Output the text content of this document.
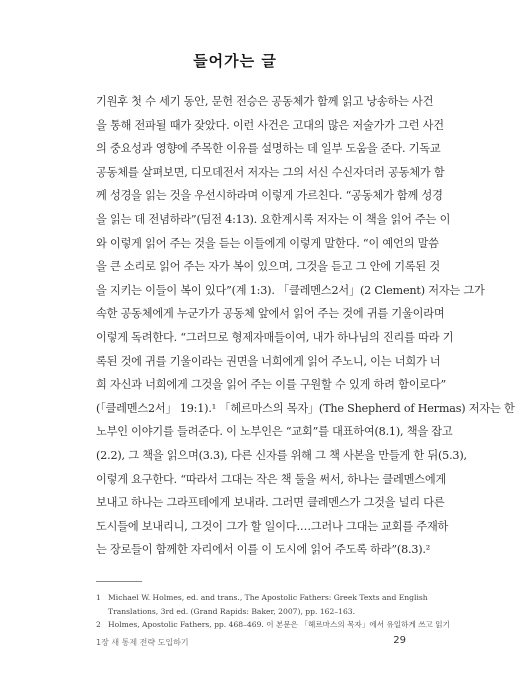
들어가는 글
기원후 첫 수 세기 동안, 문헌 전승은 공동체가 함께 읽고 낭송하는 사건
을 통해 전파될 때가 잦았다. 이런 사건은 고대의 많은 저술가가 그런 사건
의 중요성과 영향에 주목한 이유를 설명하는 데 일부 도움을 준다. 기독교
공동체를 살펴보면, 디모데전서 저자는 그의 서신 수신자더러 공동체가 함
께 성경을 읽는 것을 우선시하라며 이렇게 가르친다. “공동체가 함께 성경
을 읽는 데 전념하라”(딤전 4:13). 요한계시록 저자는 이 책을 읽어 주는 이
와 이렇게 읽어 주는 것을 듣는 이들에게 이렇게 말한다. “이 예언의 말씀
을 큰 소리로 읽어 주는 자가 복이 있으며, 그것을 듣고 그 안에 기록된 것
을 지키는 이들이 복이 있다”(계 1:3). 「클레멘스2서」(2 Clement) 저자는 그가
속한 공동체에게 누군가가 공동체 앞에서 읽어 주는 것에 귀를 기울이라며
이렇게 독려한다. “그러므로 형제자매들이여, 내가 하나님의 진리를 따라 기
록된 것에 귀를 기울이라는 권면을 너희에게 읽어 주노니, 이는 너희가 너
희 자신과 너희에게 그것을 읽어 주는 이를 구원할 수 있게 하려 함이로다”
(「클레멘스2서」 19:1).¹ 「헤르마스의 목자」(The Shepherd of Hermas) 저자는 한
노부인 이야기를 들려준다. 이 노부인은 “교회”를 대표하여(8.1), 책을 잡고
(2.2), 그 책을 읽으며(3.3), 다른 신자를 위해 그 책 사본을 만들게 한 뒤(5.3),
이렇게 요구한다. “따라서 그대는 작은 책 둘을 써서, 하나는 클레멘스에게
보내고 하나는 그라프테에게 보내라. 그러면 클레멘스가 그것을 널리 다른
도시들에 보내리니, 그것이 그가 할 일이다.…그러나 그대는 교회를 주재하
는 장로들이 함께한 자리에서 이를 이 도시에 읽어 주도록 하라”(8.3).²
1 Michael W. Holmes, ed. and trans., The Apostolic Fathers: Greek Texts and English
Translations, 3rd ed. (Grand Rapids: Baker, 2007), pp. 162–163.
2 Holmes, Apostolic Fathers, pp. 468–469. 이 본문은 「헤르마스의 목자」에서 유일하게 쓰고 읽기
1장 새 통제 전략 도입하기	29
